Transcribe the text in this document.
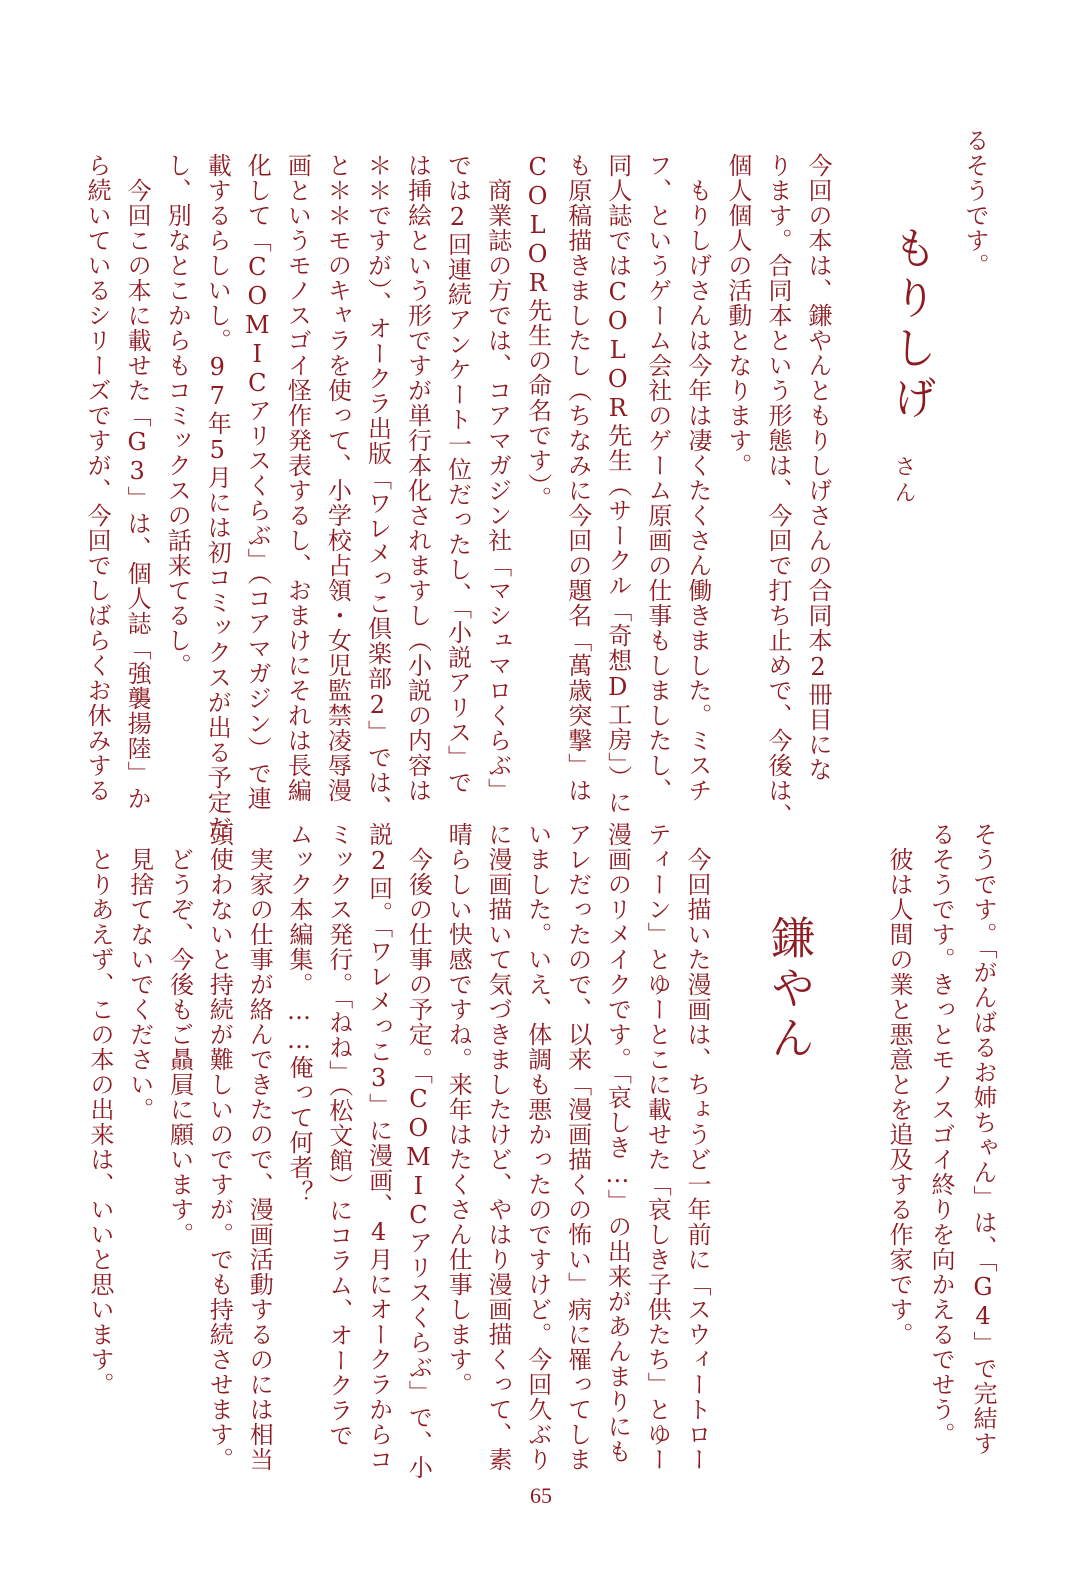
るそうです。
もりしげ
さん
今回の本は、鎌やんともりしげさんの合同本2冊目にな
ります。合同本という形態は、今回で打ち止めで、今後は、
個人個人の活動となります。
　もりしげさんは今年は凄くたくさん働きました。ミスチ
フ、というゲーム会社のゲーム原画の仕事もしましたし、
同人誌ではCOLOR先生（サークル「奇想D工房」）に
も原稿描きましたし（ちなみに今回の題名「萬歳突撃」は
COLOR先生の命名です）。
　商業誌の方では、コアマガジン社「マシュマロくらぶ」
では2回連続アンケート一位だったし、「小説アリス」で
は挿絵という形ですが単行本化されますし（小説の内容は
＊＊ですが）、オークラ出版「ワレメっこ倶楽部2」では、
と＊＊モのキャラを使って、小学校占領・女児監禁凌辱漫
画というモノスゴイ怪作発表するし、おまけにそれは長編
化して「COMICアリスくらぶ」（コアマガジン）で連
載するらしいし。97年5月には初コミックスが出る予定だ
し、別なとこからもコミックスの話来てるし。
　今回この本に載せた「G3」は、個人誌「強襲揚陸」か
ら続いているシリーズですが、今回でしばらくお休みする
鎌やん	そうです。「がんばるお姉ちゃん」は、「G4」で完結す
るそうです。きっとモノスゴイ終りを向かえるでせう。
　彼は人間の業と悪意とを追及する作家です。
　今回描いた漫画は、ちょうど一年前に「スウィートロー
ティーン」とゆーとこに載せた「哀しき子供たち」とゆー
漫画のリメイクです。「哀しき…」の出来があんまりにも
アレだったので、以来「漫画描くの怖い」病に罹ってしま
いました。いえ、体調も悪かったのですけど。今回久ぶり
に漫画描いて気づきましたけど、やはり漫画描くって、素
晴らしい快感ですね。来年はたくさん仕事します。
　今後の仕事の予定。「COMICアリスくらぶ」で、小
説2回。「ワレメっこ3」に漫画、4月にオークラからコ
ミックス発行。「ねね」（松文館）にコラム、オークラで
ムック本編集。……俺って何者？
　実家の仕事が絡んできたので、漫画活動するのには相当
頭使わないと持続が難しいのですが。でも持続させます。
　どうぞ、今後もご贔屓に願います。
　見捨てないでください。
　とりあえず、この本の出来は、いいと思います。
65
